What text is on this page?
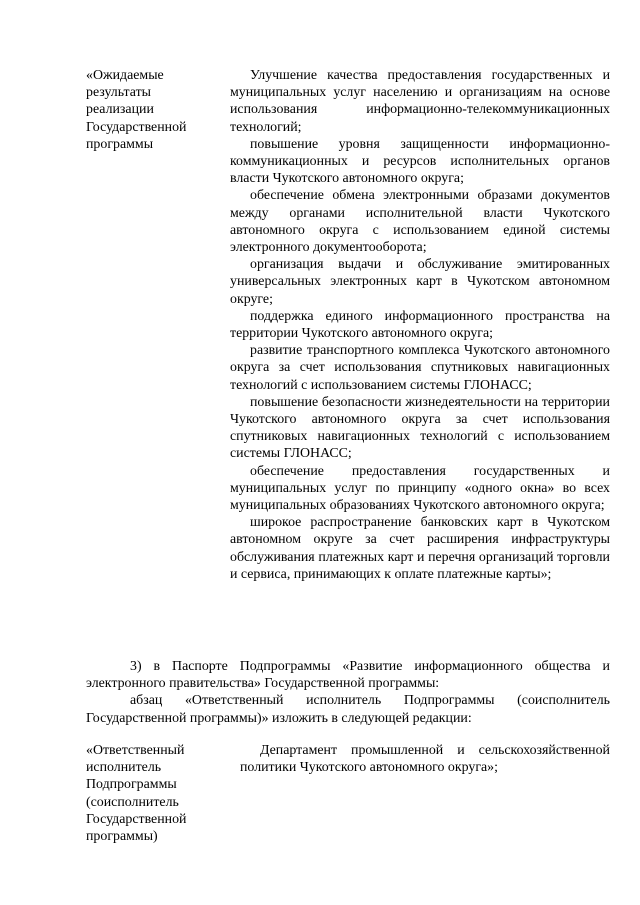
«Ожидаемые
результаты
реализации
Государственной
программы

Улучшение качества предоставления государственных и муниципальных услуг населению и организациям на основе использования информационно-телекоммуникационных технологий;

повышение уровня защищенности информационно-коммуникационных и ресурсов исполнительных органов власти Чукотского автономного округа;

обеспечение обмена электронными образами документов между органами исполнительной власти Чукотского автономного округа с использованием единой системы электронного документооборота;

организация выдачи и обслуживание эмитированных универсальных электронных карт в Чукотском автономном округе;

поддержка единого информационного пространства на территории Чукотского автономного округа;

развитие транспортного комплекса Чукотского автономного округа за счет использования спутниковых навигационных технологий с использованием системы ГЛОНАСС;

повышение безопасности жизнедеятельности на территории Чукотского автономного округа за счет использования спутниковых навигационных технологий с использованием системы ГЛОНАСС;

обеспечение предоставления государственных и муниципальных услуг по принципу «одного окна» во всех муниципальных образованиях Чукотского автономного округа;

широкое распространение банковских карт в Чукотском автономном округе за счет расширения инфраструктуры обслуживания платежных карт и перечня организаций торговли и сервиса, принимающих к оплате платежные карты»;

3) в Паспорте Подпрограммы «Развитие информационного общества и электронного правительства» Государственной программы:

абзац «Ответственный исполнитель Подпрограммы (соисполнитель Государственной программы)» изложить в следующей редакции:

«Ответственный
исполнитель
Подпрограммы
(соисполнитель
Государственной
программы)

Департамент промышленной и сельскохозяйственной политики Чукотского автономного округа»;
